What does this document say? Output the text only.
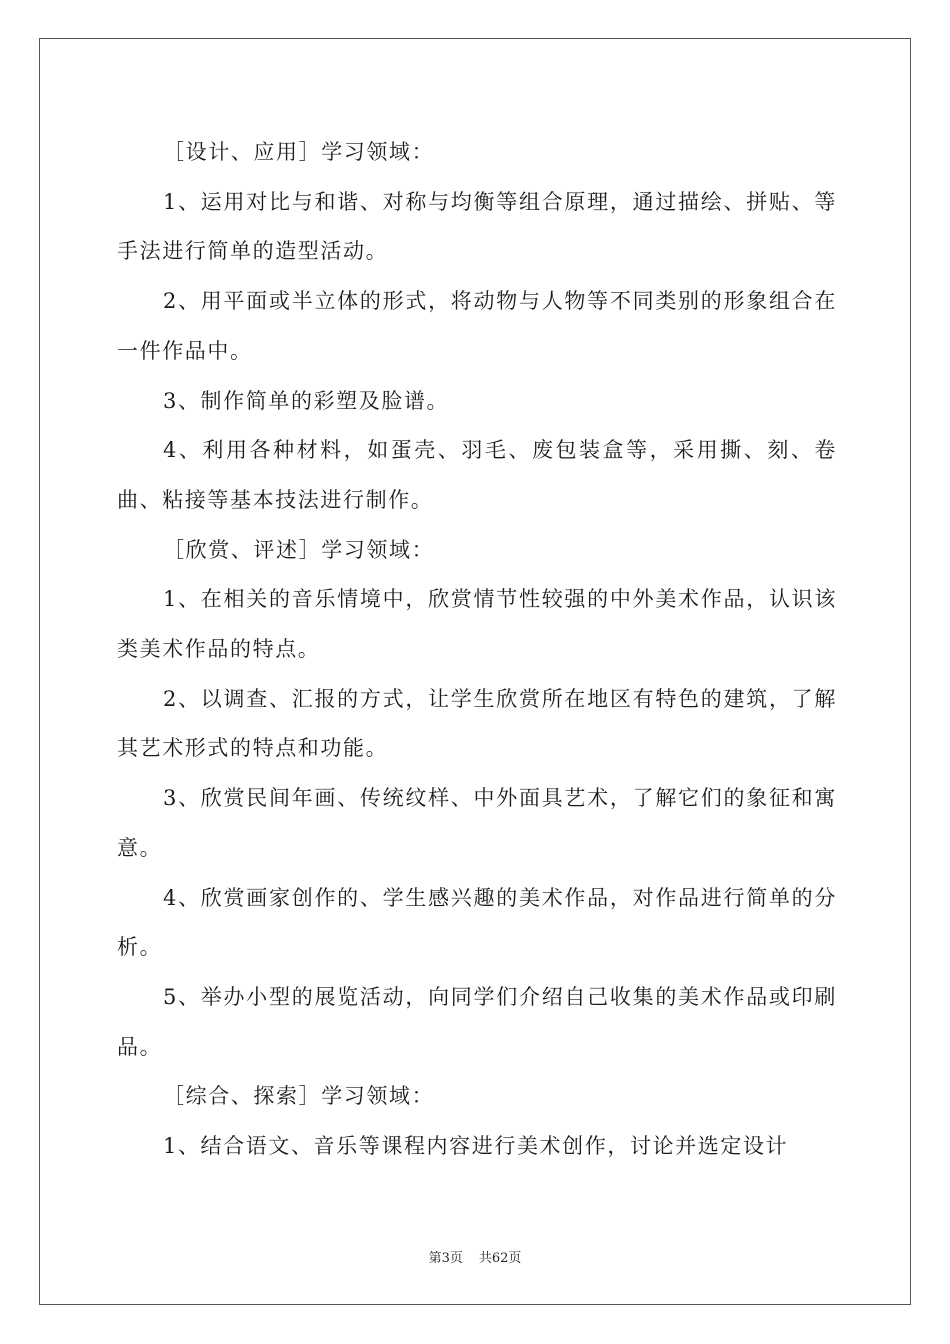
［设计、应用］学习领域：

1、运用对比与和谐、对称与均衡等组合原理，通过描绘、拼贴、等手法进行简单的造型活动。

2、用平面或半立体的形式，将动物与人物等不同类别的形象组合在一件作品中。

3、制作简单的彩塑及脸谱。

4、利用各种材料，如蛋壳、羽毛、废包装盒等，采用撕、刻、卷曲、粘接等基本技法进行制作。

［欣赏、评述］学习领域：

1、在相关的音乐情境中，欣赏情节性较强的中外美术作品，认识该类美术作品的特点。

2、以调查、汇报的方式，让学生欣赏所在地区有特色的建筑，了解其艺术形式的特点和功能。

3、欣赏民间年画、传统纹样、中外面具艺术，了解它们的象征和寓意。

4、欣赏画家创作的、学生感兴趣的美术作品，对作品进行简单的分析。

5、举办小型的展览活动，向同学们介绍自己收集的美术作品或印刷品。

［综合、探索］学习领域：

1、结合语文、音乐等课程内容进行美术创作，讨论并选定设计

第3页 共62页
